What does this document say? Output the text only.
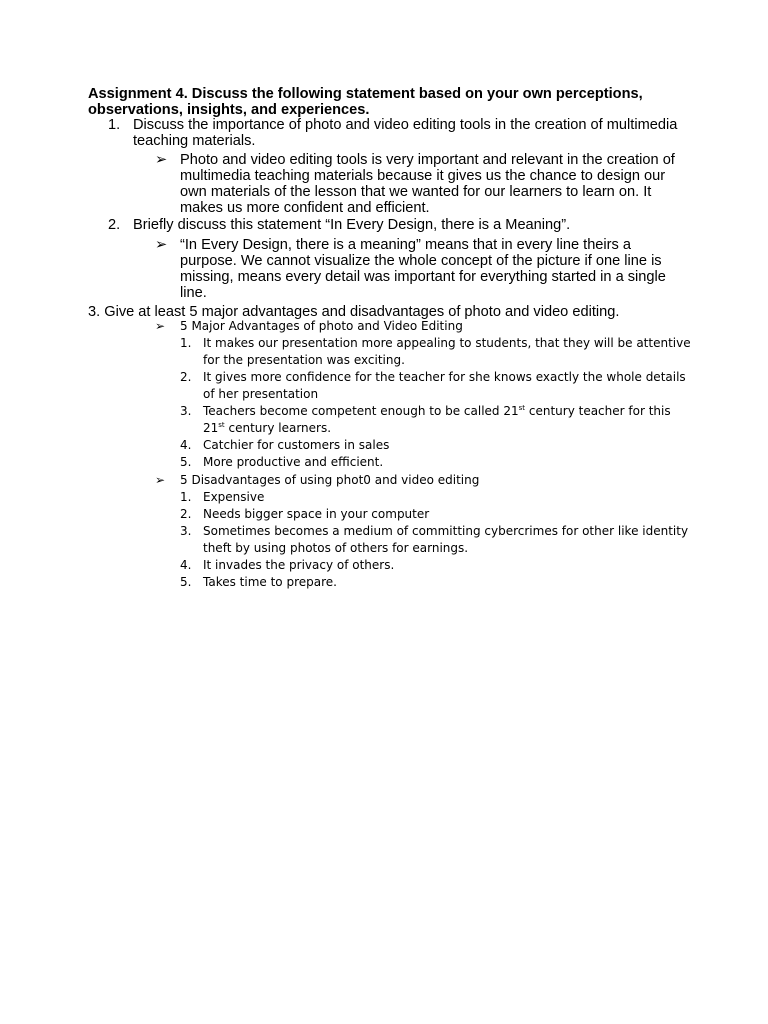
Assignment 4. Discuss the following statement based on your own perceptions, observations, insights, and experiences.
1. Discuss the importance of photo and video editing tools in the creation of multimedia teaching materials.
➢ Photo and video editing tools is very important and relevant in the creation of multimedia teaching materials because it gives us the chance to design our own materials of the lesson that we wanted for our learners to learn on. It makes us more confident and efficient.
2. Briefly discuss this statement “In Every Design, there is a Meaning”.
➢ “In Every Design, there is a meaning” means that in every line theirs a purpose. We cannot visualize the whole concept of the picture if one line is missing, means every detail was important for everything started in a single line.
3. Give at least 5 major advantages and disadvantages of photo and video editing.
➢	5 Major Advantages of photo and Video Editing
1. It makes our presentation more appealing to students, that they will be attentive for the presentation was exciting.
2. It gives more confidence for the teacher for she knows exactly the whole details of her presentation
3. Teachers become competent enough to be called 21st century teacher for this 21st century learners.
4. Catchier for customers in sales
5. More productive and efficient.
➢	5 Disadvantages of using phot0 and video editing
1. Expensive
2. Needs bigger space in your computer
3. Sometimes becomes a medium of committing cybercrimes for other like identity theft by using photos of others for earnings.
4. It invades the privacy of others.
5. Takes time to prepare.
